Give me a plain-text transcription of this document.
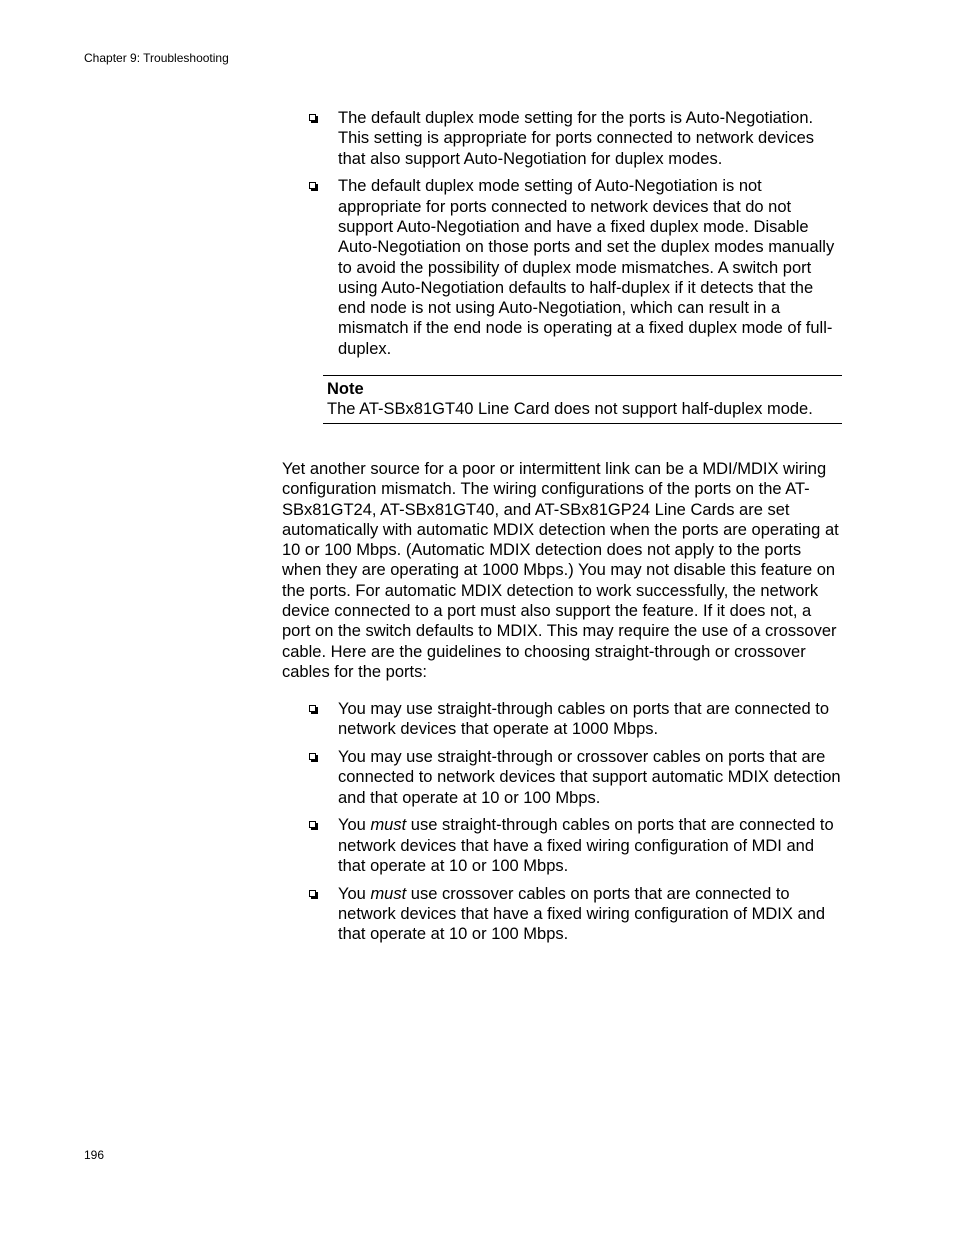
Chapter 9: Troubleshooting
The default duplex mode setting for the ports is Auto-Negotiation. This setting is appropriate for ports connected to network devices that also support Auto-Negotiation for duplex modes.
The default duplex mode setting of Auto-Negotiation is not appropriate for ports connected to network devices that do not support Auto-Negotiation and have a fixed duplex mode. Disable Auto-Negotiation on those ports and set the duplex modes manually to avoid the possibility of duplex mode mismatches. A switch port using Auto-Negotiation defaults to half-duplex if it detects that the end node is not using Auto-Negotiation, which can result in a mismatch if the end node is operating at a fixed duplex mode of full-duplex.
Note
The AT-SBx81GT40 Line Card does not support half-duplex mode.

Yet another source for a poor or intermittent link can be a MDI/MDIX wiring configuration mismatch. The wiring configurations of the ports on the AT-SBx81GT24, AT-SBx81GT40, and AT-SBx81GP24 Line Cards are set automatically with automatic MDIX detection when the ports are operating at 10 or 100 Mbps. (Automatic MDIX detection does not apply to the ports when they are operating at 1000 Mbps.) You may not disable this feature on the ports. For automatic MDIX detection to work successfully, the network device connected to a port must also support the feature. If it does not, a port on the switch defaults to MDIX. This may require the use of a crossover cable. Here are the guidelines to choosing straight-through or crossover cables for the ports:

You may use straight-through cables on ports that are connected to network devices that operate at 1000 Mbps.
You may use straight-through or crossover cables on ports that are connected to network devices that support automatic MDIX detection and that operate at 10 or 100 Mbps.
You must use straight-through cables on ports that are connected to network devices that have a fixed wiring configuration of MDI and that operate at 10 or 100 Mbps.
You must use crossover cables on ports that are connected to network devices that have a fixed wiring configuration of MDIX and that operate at 10 or 100 Mbps.
196
